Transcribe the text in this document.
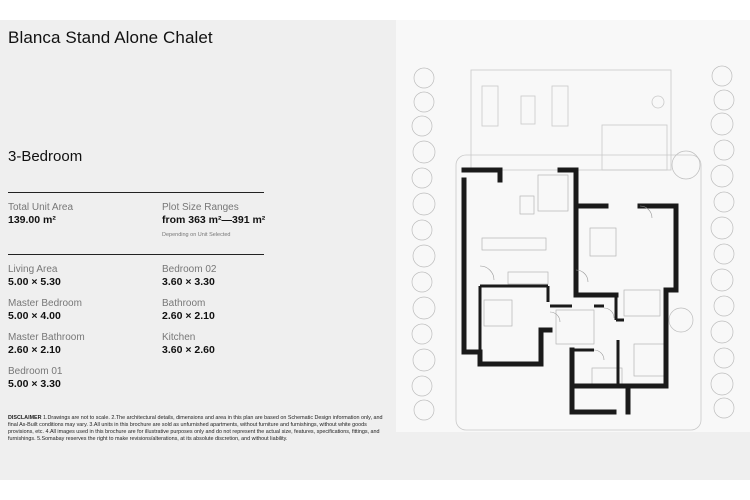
Blanca Stand Alone Chalet
3-Bedroom
Total Unit Area
139.00 m²
Plot Size Ranges
from 363 m²—391 m²
Depending on Unit Selected
Living Area
5.00 × 5.30
Bedroom 02
3.60 × 3.30
Master Bedroom
5.00 × 4.00
Bathroom
2.60 × 2.10
Master Bathroom
2.60 × 2.10
Kitchen
3.60 × 2.60
Bedroom 01
5.00 × 3.30
DISCLAIMER 1.Drawings are not to scale. 2.The architectural details, dimensions and area in this plan are based on Schematic Design information only, and final As-Built conditions may vary. 3.All units in this brochure are sold as unfurnished apartments, without furniture and furnishings, without white goods provisions, etc. 4.All images used in this brochure are for illustrative purposes only and do not represent the actual size, features, specifications, fittings, and furnishings. 5.Somabay reserves the right to make revisions/alterations, at its absolute discretion, and without liability.
